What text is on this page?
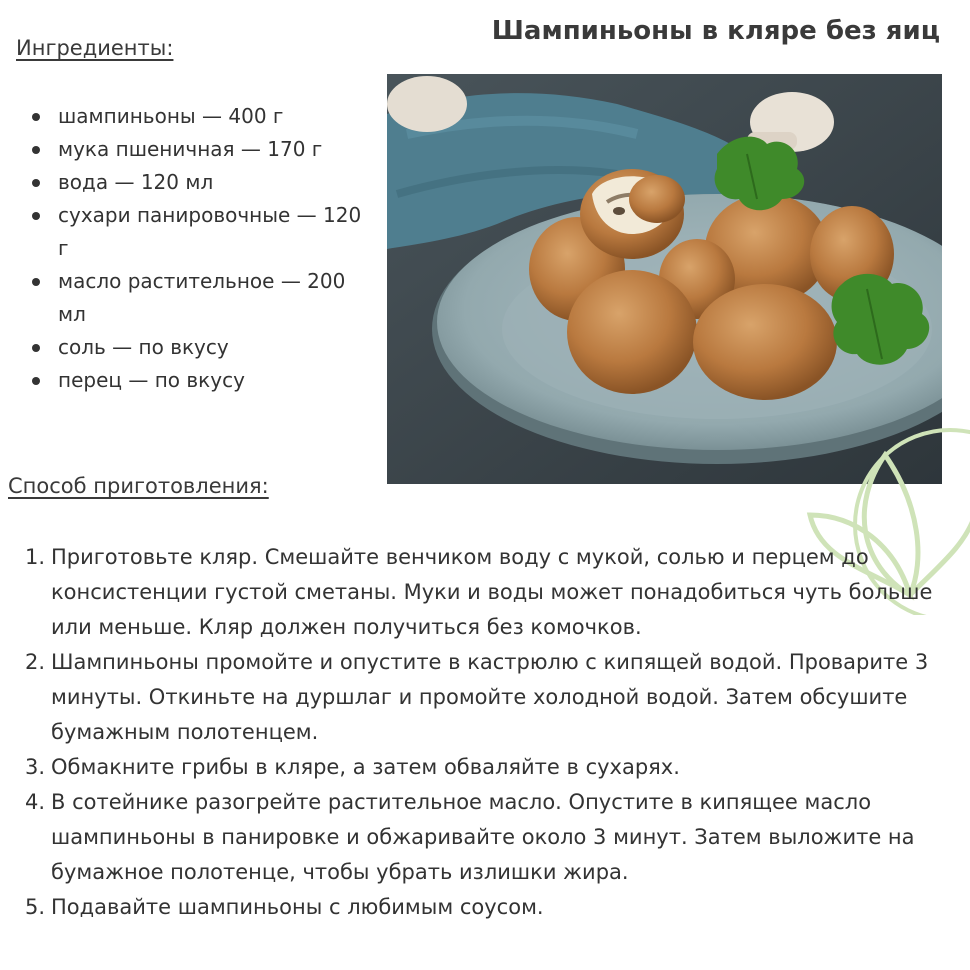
Шампиньоны в кляре без яиц
Ингредиенты:
шампиньоны — 400 г
мука пшеничная — 170 г
вода — 120 мл
сухари панировочные — 120 г
масло растительное — 200 мл
соль — по вкусу
перец — по вкусу
Способ приготовления:
1. Приготовьте кляр. Смешайте венчиком воду с мукой, солью и перцем до консистенции густой сметаны. Муки и воды может понадобиться чуть больше или меньше. Кляр должен получиться без комочков.
2. Шампиньоны промойте и опустите в кастрюлю с кипящей водой. Проварите 3 минуты. Откиньте на дуршлаг и промойте холодной водой. Затем обсушите бумажным полотенцем.
3. Обмакните грибы в кляре, а затем обваляйте в сухарях.
4. В сотейнике разогрейте растительное масло. Опустите в кипящее масло шампиньоны в панировке и обжаривайте около 3 минут. Затем выложите на бумажное полотенце, чтобы убрать излишки жира.
5. Подавайте шампиньоны с любимым соусом.
